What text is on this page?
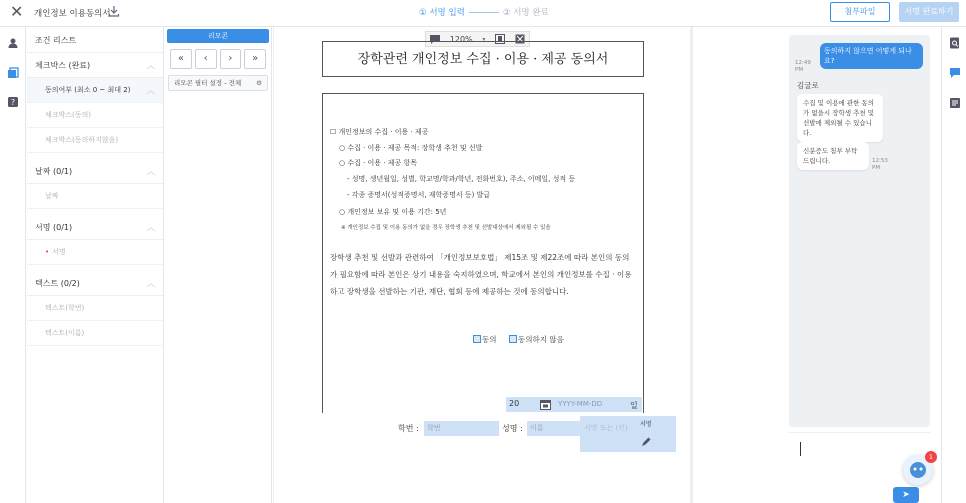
✕ 개인정보 이용동의서	① 서명 입력	② 서명 완료	첨부파일	서명 완료하기
?
조건 리스트
체크박스 (완료)	︿
동의여부 (최소 0 ~ 최대 2) ︿
체크박스(동의)
체크박스(동의하지않음)
날짜 (0/1)	︿
날짜
서명 (0/1)	︿
• 서명
텍스트 (0/2)	︿
텍스트(학번)
텍스트(이름)
리모콘
«	‹	›	»
리모콘 필터 설정 - 전체 ⚙
120% ▾
장학관련 개인정보 수집 · 이용 · 제공 동의서
☐ 개인정보의 수집 · 이용 · 제공
○ 수집 · 이용 · 제공 목적: 장학생 추천 및 선발
○ 수집 · 이용 · 제공 항목
- 성명, 생년월일, 성별, 학교명/학과/학년, 전화번호), 주소, 이메일, 성적 등
- 각종 증명서(성적증명서, 재학증명서 등) 발급
○ 개인정보 보유 및 이용 기간: 5년
※ 개인정보 수집 및 이용 동의가 없을 경우 장학생 추천 및 선발대상에서 제외될 수 있음
장학생 추천 및 선발과 관련하여 「개인정보보호법」 제15조 및 제22조에 따라 본인의 동의가 필요함에 따라 본인은 상기 내용을 숙지하였으며, 학교에서 본인의 개인정보를 수집 · 이용하고 장학생을 선발하는 기관, 재단, 협회 등에 제공하는 것에 동의합니다.
동의	동의하지 않음
20	YYYY-MM-DD	일
학번 :	학번	성명 :	이름	서명 또는 (인)	서명
동의하지 않으면 어떻게 되나요?
12:49 PM
김굴로
수집 및 이용에 관한 동의가 없을시 장학생 추천 및 선발에 제외될 수 있습니다.
신분증도 첨부 부탁드립니다.	12:53 PM
➤
1
